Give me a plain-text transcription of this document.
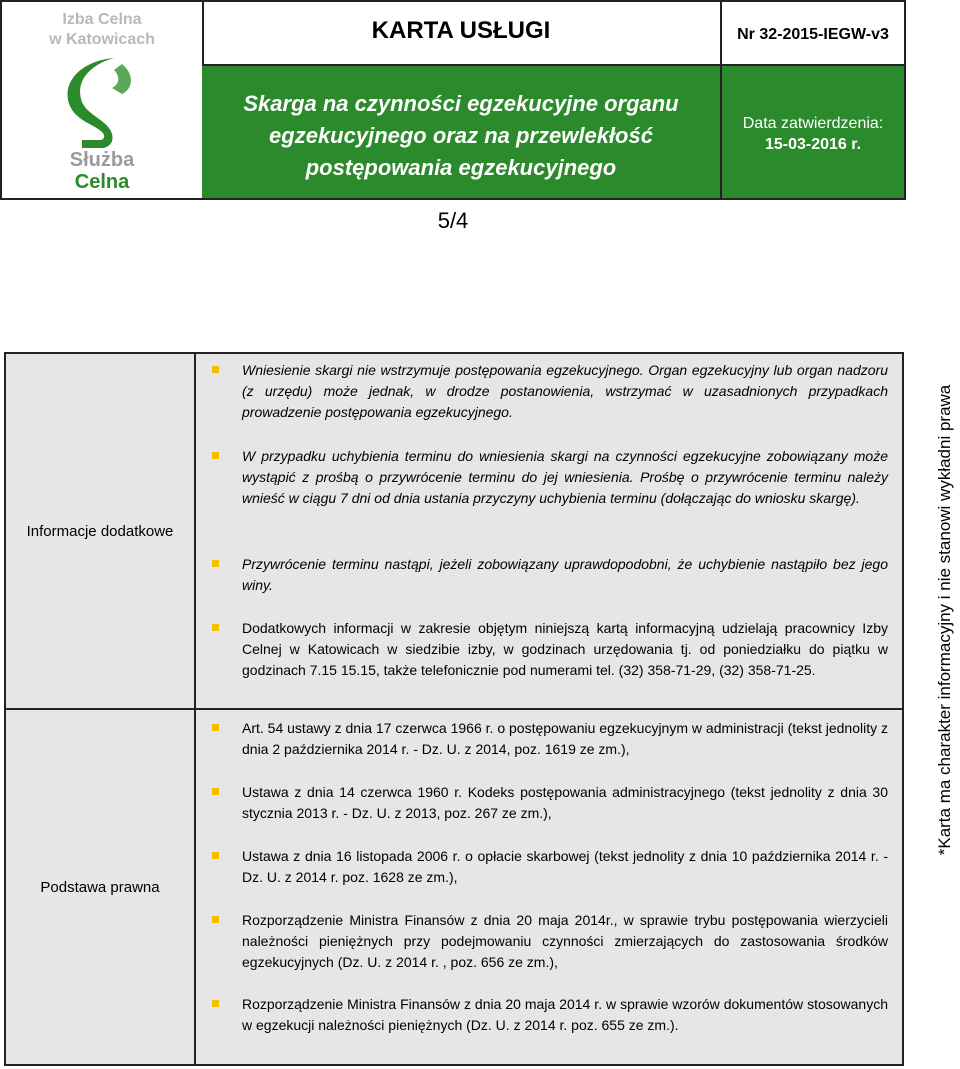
Izba Celna
w Katowicach
Służba
Celna
KARTA USŁUGI	Nr 32-2015-IEGW-v3
Skarga na czynności egzekucyjne organu egzekucyjnego oraz na przewlekłość postępowania egzekucyjnego
Data zatwierdzenia:
15-03-2016 r.
5/4
Informacje dodatkowe
Wniesienie skargi nie wstrzymuje postępowania egzekucyjnego. Organ egzekucyjny lub organ nadzoru (z urzędu) może jednak, w drodze postanowienia, wstrzymać w uzasadnionych przypadkach prowadzenie postępowania egzekucyjnego.
W przypadku uchybienia terminu do wniesienia skargi na czynności egzekucyjne zobowiązany może wystąpić z prośbą o przywrócenie terminu do jej wniesienia. Prośbę o przywrócenie terminu należy wnieść w ciągu 7 dni od dnia ustania przyczyny uchybienia terminu (dołączając do wniosku skargę).
Przywrócenie terminu nastąpi, jeżeli zobowiązany uprawdopodobni, że uchybienie nastąpiło bez jego winy.
Dodatkowych informacji w zakresie objętym niniejszą kartą informacyjną udzielają pracownicy Izby Celnej w Katowicach w siedzibie izby, w godzinach urzędowania tj. od poniedziałku do piątku w godzinach 7.15 15.15, także telefonicznie pod numerami tel. (32) 358-71-29, (32) 358-71-25.
Podstawa prawna
Art. 54 ustawy z dnia 17 czerwca 1966 r. o postępowaniu egzekucyjnym w administracji (tekst jednolity z dnia 2 października 2014 r. - Dz. U. z 2014, poz. 1619 ze zm.),
Ustawa z dnia 14 czerwca 1960 r. Kodeks postępowania administracyjnego (tekst jednolity z dnia 30 stycznia 2013 r. - Dz. U. z 2013, poz. 267 ze zm.),
Ustawa z dnia 16 listopada 2006 r. o opłacie skarbowej (tekst jednolity z dnia 10 października 2014 r. - Dz. U. z 2014 r. poz. 1628 ze zm.),
Rozporządzenie Ministra Finansów z dnia 20 maja 2014r., w sprawie trybu postępowania wierzycieli należności pieniężnych przy podejmowaniu czynności zmierzających do zastosowania środków egzekucyjnych (Dz. U. z 2014 r. , poz. 656 ze zm.),
Rozporządzenie Ministra Finansów z dnia 20 maja 2014 r. w sprawie wzorów dokumentów stosowanych w egzekucji należności pieniężnych (Dz. U. z 2014 r. poz. 655 ze zm.).
*Karta ma charakter informacyjny i nie stanowi wykładni prawa
